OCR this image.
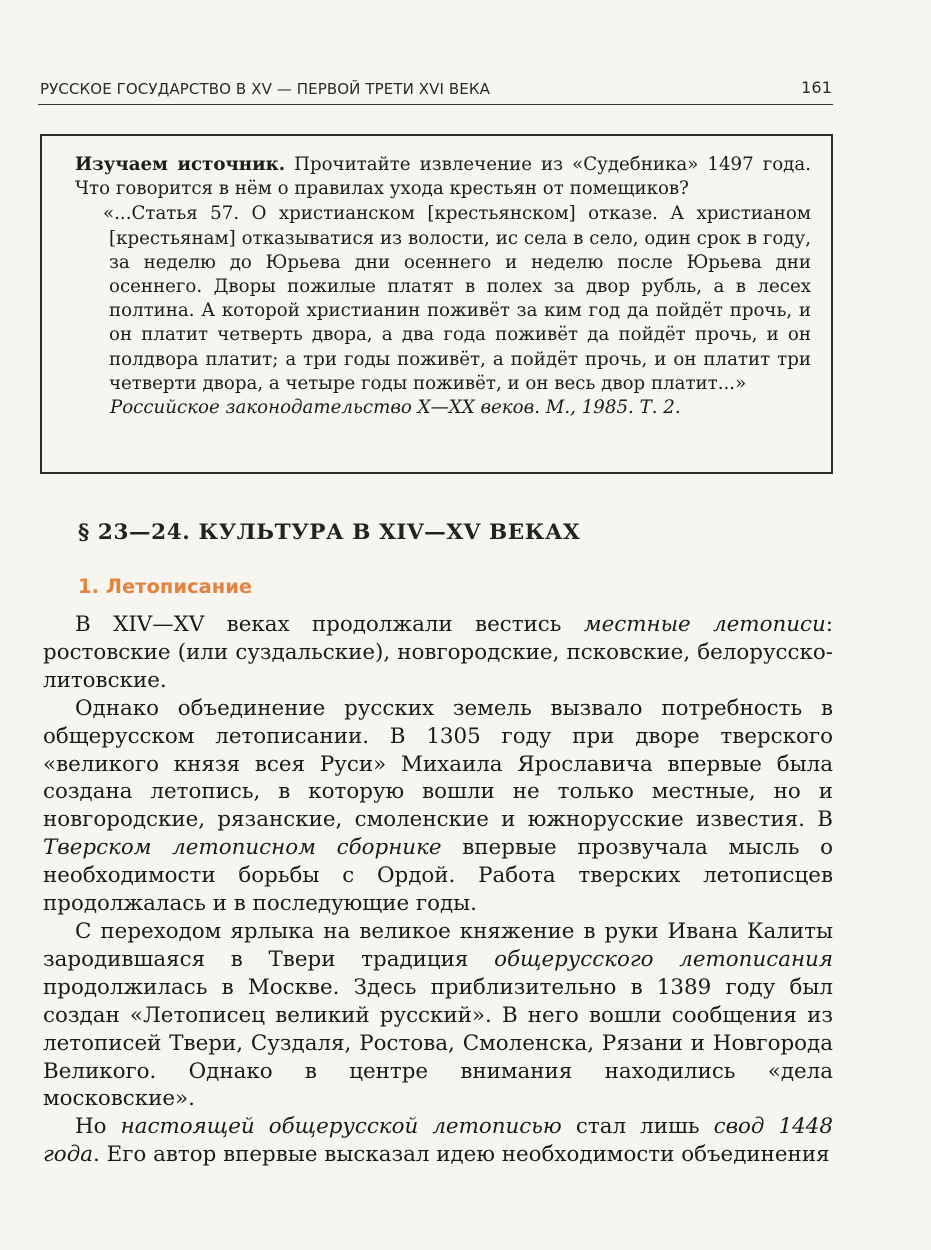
РУССКОЕ ГОСУДАРСТВО В XV — ПЕРВОЙ ТРЕТИ XVI ВЕКА	161

Изучаем источник. Прочитайте извлечение из «Судебника» 1497 года. Что говорится в нём о правилах ухода крестьян от помещиков?

«...Статья 57. О христианском [крестьянском] отказе. А христианом [крестьянам] отказыватися из волости, ис села в село, один срок в году, за неделю до Юрьева дни осеннего и неделю после Юрьева дни осеннего. Дворы пожилые платят в полех за двор рубль, а в лесех полтина. А которой христианин поживёт за ким год да пойдёт прочь, и он платит четверть двора, а два года поживёт да пойдёт прочь, и он полдвора платит; а три годы поживёт, а пойдёт прочь, и он платит три четверти двора, а четыре годы поживёт, и он весь двор платит...»

Российское законодательство X—XX веков. М., 1985. Т. 2.

§ 23—24. КУЛЬТУРА В XIV—XV ВЕКАХ
1. Летописание

В XIV—XV веках продолжали вестись местные летописи: ростовские (или суздальские), новгородские, псковские, белорусско-литовские.

Однако объединение русских земель вызвало потребность в общерусском летописании. В 1305 году при дворе тверского «великого князя всея Руси» Михаила Ярославича впервые была создана летопись, в которую вошли не только местные, но и новгородские, рязанские, смоленские и южнорусские известия. В Тверском летописном сборнике впервые прозвучала мысль о необходимости борьбы с Ордой. Работа тверских летописцев продолжалась и в последующие годы.

С переходом ярлыка на великое княжение в руки Ивана Калиты зародившаяся в Твери традиция общерусского летописания продолжилась в Москве. Здесь приблизительно в 1389 году был создан «Летописец великий русский». В него вошли сообщения из летописей Твери, Суздаля, Ростова, Смоленска, Рязани и Новгорода Великого. Однако в центре внимания находились «дела московские».

Но настоящей общерусской летописью стал лишь свод 1448 года. Его автор впервые высказал идею необходимости объединения
